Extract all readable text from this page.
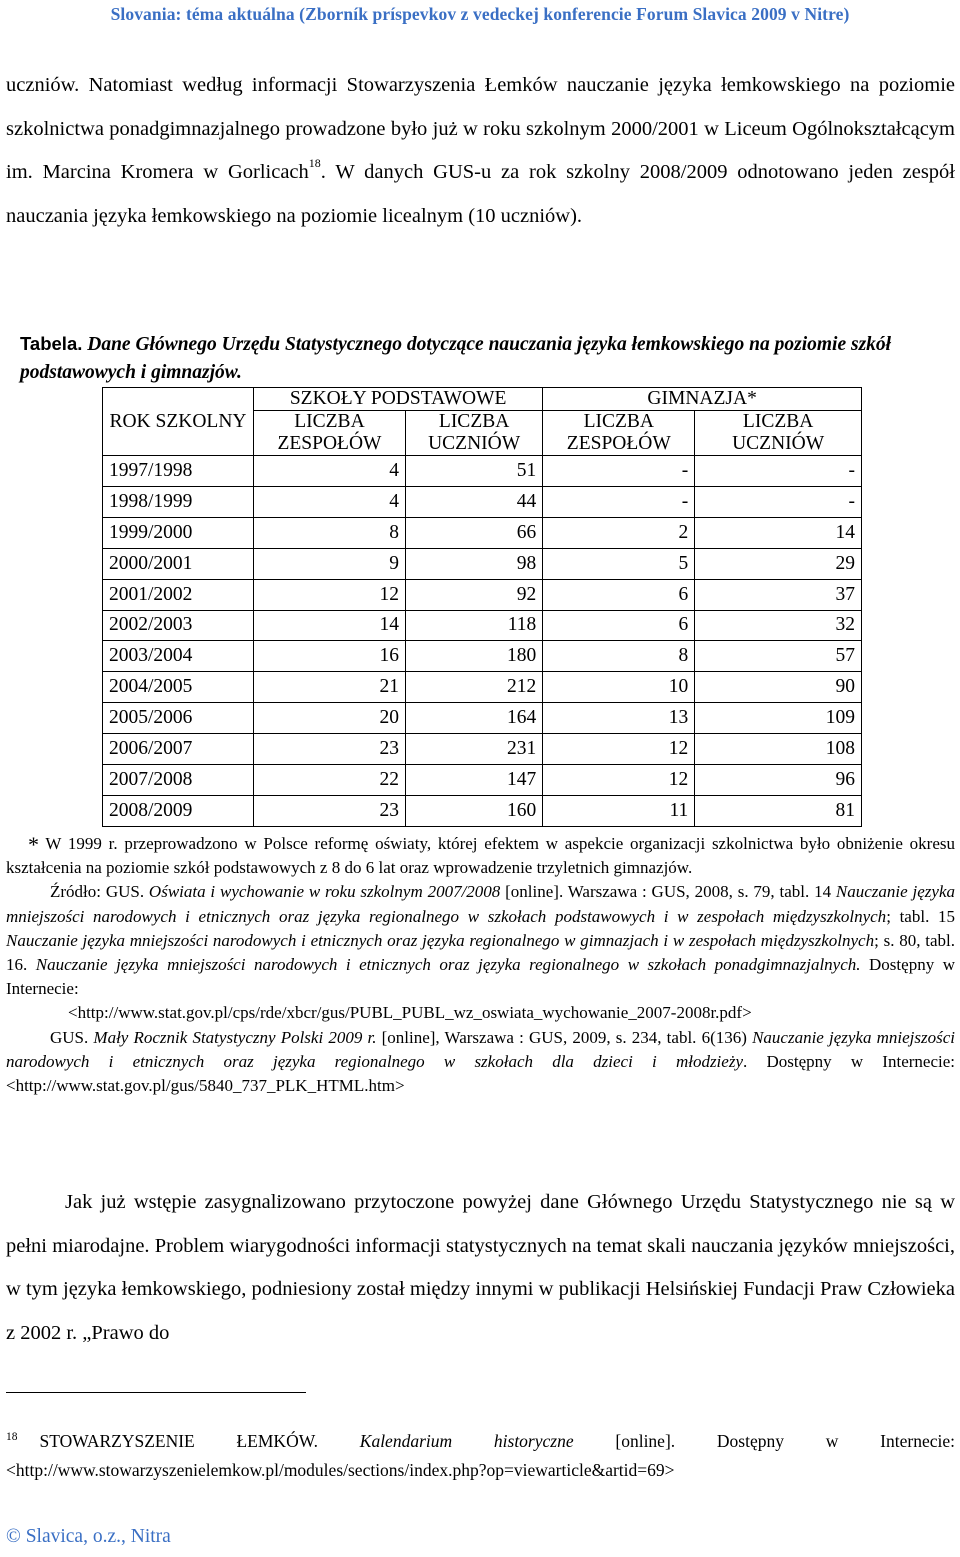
Slovania: téma aktuálna (Zborník príspevkov z vedeckej konferencie Forum Slavica 2009 v Nitre)

uczniów. Natomiast według informacji Stowarzyszenia Łemków nauczanie języka łemkowskiego na poziomie szkolnictwa ponadgimnazjalnego prowadzone było już w roku szkolnym 2000/2001 w Liceum Ogólnokształcącym im. Marcina Kromera w Gorlicach$^{18}$. W danych GUS-u za rok szkolny 2008/2009 odnotowano jeden zespół nauczania języka łemkowskiego na poziomie licealnym (10 uczniów).

Tabela. Dane Głównego Urzędu Statystycznego dotyczące nauczania języka łemkowskiego na poziomie szkół podstawowych i gimnazjów.

ROK SZKOLNY	SZKOŁY PODSTAWOWE		GIMNAZJA*	
	LICZBA ZESPOŁÓW	LICZBA UCZNIÓW	LICZBA ZESPOŁÓW	LICZBA UCZNIÓW
1997/1998	4	51	-	-
1998/1999	4	44	-	-
1999/2000	8	66	2	14
2000/2001	9	98	5	29
2001/2002	12	92	6	37
2002/2003	14	118	6	32
2003/2004	16	180	8	57
2004/2005	21	212	10	90
2005/2006	20	164	13	109
2006/2007	23	231	12	108
2007/2008	22	147	12	96
2008/2009	23	160	11	81

* W 1999 r. przeprowadzono w Polsce reformę oświaty, której efektem w aspekcie organizacji szkolnictwa było obniżenie okresu kształcenia na poziomie szkół podstawowych z 8 do 6 lat oraz wprowadzenie trzyletnich gimnazjów.

Źródło: GUS. Oświata i wychowanie w roku szkolnym 2007/2008 [online]. Warszawa : GUS, 2008, s. 79, tabl. 14 Nauczanie języka mniejszości narodowych i etnicznych oraz języka regionalnego w szkołach podstawowych i w zespołach międzyszkolnych; tabl. 15 Nauczanie języka mniejszości narodowych i etnicznych oraz języka regionalnego w gimnazjach i w zespołach międzyszkolnych; s. 80, tabl. 16. Nauczanie języka mniejszości narodowych i etnicznych oraz języka regionalnego w szkołach ponadgimnazjalnych. Dostępny w Internecie:

<http://www.stat.gov.pl/cps/rde/xbcr/gus/PUBL_PUBL_wz_oswiata_wychowanie_2007-2008r.pdf>

GUS. Mały Rocznik Statystyczny Polski 2009 r. [online], Warszawa : GUS, 2009, s. 234, tabl. 6(136) Nauczanie języka mniejszości narodowych i etnicznych oraz języka regionalnego w szkołach dla dzieci i młodzieży. Dostępny w Internecie: <http://www.stat.gov.pl/gus/5840_737_PLK_HTML.htm>

Jak już wstępie zasygnalizowano przytoczone powyżej dane Głównego Urzędu Statystycznego nie są w pełni miarodajne. Problem wiarygodności informacji statystycznych na temat skali nauczania języków mniejszości, w tym języka łemkowskiego, podniesiony został między innymi w publikacji Helsińskiej Fundacji Praw Człowieka z 2002 r. „Prawo do

$^{18}$ STOWARZYSZENIE ŁEMKÓW. Kalendarium historyczne [online]. Dostępny w Internecie: <http://www.stowarzyszenielemkow.pl/modules/sections/index.php?op=viewarticle&artid=69>

© Slavica, o.z., Nitra
